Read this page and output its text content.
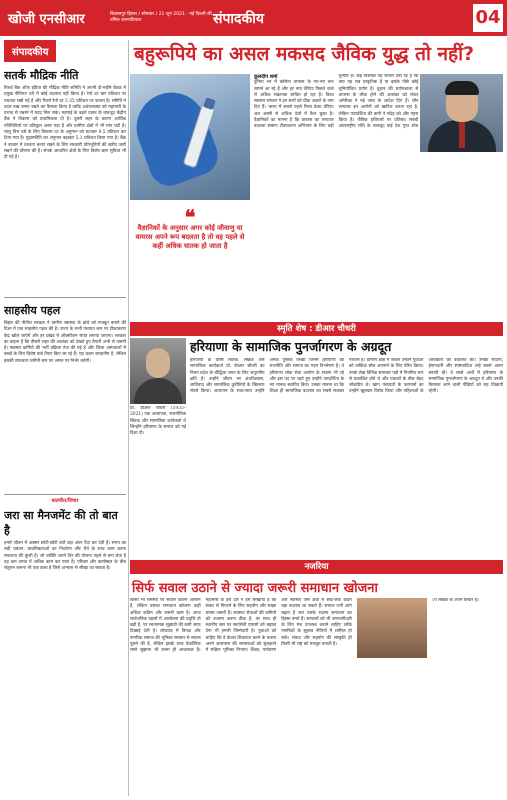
खोजी एनसीआर	बिलासपुर हिसार / सोमवार / 21 जून 2021 · नई दिल्ली की तमिल जननादियाल	संपादकीय	04
संपादकीय
सतर्क मौद्रिक नीति

रिजर्व बैंक ऑफ इंडिया की मौद्रिक नीति समिति ने अपनी दो-महीने बैठक में प्रमुख नीतिगत दरों में कोई बदलाव नहीं किया है। रेपो दर चार प्रतिशत पर यथावत रखी गई है और रिवर्स रेपो दर 3.35 प्रतिशत पर कायम है। समिति ने उदार रुख बनाए रखने का फैसला किया है ताकि अर्थव्यवस्था को महामारी के प्रभाव से उबरने में मदद मिल सके। महंगाई के बढ़ते दबाव के बावजूद केंद्रीय बैंक ने विकास को प्राथमिकता दी है। दूसरी लहर के कारण आर्थिक गतिविधियों पर प्रतिकूल असर पड़ा है और ग्रामीण क्षेत्रों में भी मांग घटी है। चालू वित्त वर्ष के लिए विकास दर के अनुमान को घटाकर 9.5 प्रतिशत कर दिया गया है। मुद्रास्फीति का अनुमान बढ़ाकर 5.1 प्रतिशत किया गया है। बैंक ने बाजार में तरलता बनाए रखने के लिए सरकारी प्रतिभूतियों की खरीद जारी रखने की घोषणा की है। संपर्क आधारित क्षेत्रों के लिए विशेष ऋण सुविधा भी दी गई है।

साहसीय पहल

बिहार की नीतीश सरकार ने ग्रामीण स्वास्थ्य के ढांचे को मजबूत बनाने की दिशा में एक साहसीय पहल की है। राज्य के सभी पंचायत स्तर पर टीकाकरण केंद्र खोले जाएंगे और हर प्रखंड में ऑक्सीजन संयंत्र लगाया जाएगा। सरकार का कहना है कि तीसरी लहर की आशंका को देखते हुए तैयारी अभी से जरूरी है। स्वास्थ्य कर्मियों की भर्ती प्रक्रिया तेज की गई है और जिला अस्पतालों में बच्चों के लिए विशेष वार्ड तैयार किए जा रहे हैं। यह कदम सराहनीय है, लेकिन इसकी सफलता जमीनी स्तर पर अमल पर निर्भर करेगी।

बातचीत/विचार
जरा सा मैनजमेंट की तो बात है

हमारे जीवन में अक्सर छोटी-छोटी बातें बड़ा अंतर पैदा कर देती हैं। समय का सही प्रबंधन, प्राथमिकताओं का निर्धारण और धैर्य के साथ काम करना सफलता की कुंजी है। जो व्यक्ति अपने दिन की योजना पहले से बना लेता है वह कम तनाव में अधिक काम कर पाता है। परिवार और कार्यस्थल के बीच संतुलन बनाना भी एक कला है जिसे अभ्यास से सीखा जा सकता है।

बहुरूपिये का असल मकसद जैविक युद्ध तो नहीं?
❝
वैज्ञानिकों के अनुसार अगर कोई जीवाणु या वायरस अपने रूप बदलता है तो वह पहले से कहीं अधिक घातक हो जाता है
कुलदीप शर्मा
दुनिया भर में कोरोना वायरस के नए-नए रूप सामने आ रहे हैं और हर नया वेरिएंट पिछले वाले से अधिक संक्रामक साबित हो रहा है। विश्व स्वास्थ्य संगठन ने इन रूपों को ग्रीक अक्षरों के नाम दिए हैं। भारत में सबसे पहले मिला डेल्टा वेरिएंट अब अस्सी से अधिक देशों में फैल चुका है। वैज्ञानिकों का मानना है कि वायरस का लगातार बदलता स्वरूप टीकाकरण अभियान के लिए बड़ी चुनौती है। कई विशेषज्ञ यह सवाल उठा रहे हैं कि क्या यह सब प्राकृतिक है या इसके पीछे कोई सुनियोजित प्रयोग है। वुहान की प्रयोगशाला से वायरस के लीक होने की आशंका को लेकर अमेरिका ने नई जांच के आदेश दिए हैं। चीन लगातार इन आरोपों को खारिज करता रहा है, लेकिन पारदर्शिता की कमी ने संदेह को और गहरा किया है। जैविक हथियारों पर प्रतिबंध संबंधी अंतरराष्ट्रीय संधि के बावजूद कई देश गुप्त शोध
स्मृति शेष : डीआर चौधरी
प्रो. डीआर चौधरी (1935–2021) एक अध्यापक, राजनीतिक चिंतक और सामाजिक कार्यकर्ता थे जिन्होंने हरियाणा के समाज को नई दिशा दी।
हरियाणा के सामाजिक पुनर्जागरण के अग्रदूत
हरियाणा के वरिष्ठ चिंतक, लेखक और सामाजिक कार्यकर्ता प्रो. डीआर चौधरी का निधन प्रदेश के बौद्धिक जगत के लिए अपूरणीय क्षति है। उन्होंने जीवन भर अंधविश्वास, जातिवाद और सामाजिक कुरीतियों के खिलाफ संघर्ष किया। अध्यापन के साथ-साथ उन्होंने अनेक पुस्तकें लिखीं जिनमें हरियाणा की राजनीति और समाज का गहन विश्लेषण है। वे हरियाणा लोक सेवा आयोग के सदस्य भी रहे और इस पद पर रहते हुए उन्होंने पारदर्शिता के नए मानक स्थापित किए। उनका मानना था कि शिक्षा ही सामाजिक बदलाव का सबसे सशक्त माध्यम है। ग्रामीण क्षेत्रों में जाकर उन्होंने युवाओं को तार्किक सोच अपनाने के लिए प्रेरित किया। उनके लेख विभिन्न समाचार पत्रों में नियमित रूप से प्रकाशित होते थे और पाठकों के बीच बेहद लोकप्रिय थे। खाप पंचायतों के फरमानों का उन्होंने खुलकर विरोध किया और महिलाओं के अधिकारों की वकालत की। उनकी सादगी, ईमानदारी और स्पष्टवादिता उन्हें सबसे अलग बनाती थी। वे सच्चे अर्थों में हरियाणा के सामाजिक पुनर्जागरण के अग्रदूत थे और उनकी विरासत आने वाली पीढ़ियों को राह दिखाती रहेगी।
नजरिया
सिर्फ सवाल उठाने से ज्यादा जरूरी समाधान खोजना
किसी भी समस्या पर सवाल उठाना आसान है, लेकिन उसका समाधान खोजना कहीं अधिक कठिन और जरूरी काम है। आज सार्वजनिक बहसों में आलोचना की प्रवृत्ति तो बढ़ी है, पर रचनात्मक सुझावों की कमी साफ दिखाई देती है। लोकतंत्र में विपक्ष और नागरिक समाज की भूमिका सरकार से सवाल पूछने की है, लेकिन इसके साथ वैकल्पिक रास्ते सुझाना भी उतना ही आवश्यक है। महामारी के इस दौर ने हमें सिखाया है कि संकट से निपटने के लिए सहयोग और साझा प्रयास जरूरी हैं। स्वास्थ्य सेवाओं की कमियों को उजागर करना ठीक है, पर साथ ही स्थानीय स्तर पर स्वयंसेवी प्रयासों को बढ़ावा देना भी हमारी जिम्मेदारी है। युवाओं को चाहिए कि वे केवल शिकायत करने के बजाय अपने आसपास की समस्याओं को सुलझाने में सक्रिय भूमिका निभाएं। शिक्षा, पर्यावरण और स्वास्थ्य जैसे क्षेत्रों में छोटे-छोटे कदम बड़ा बदलाव ला सकते हैं। समाज तभी आगे बढ़ता है जब उसके सदस्य समाधान का हिस्सा बनते हैं। सरकारों को भी जनभागीदारी के लिए मंच उपलब्ध कराने चाहिए ताकि नागरिकों के सुझाव नीतियों में शामिल हो सकें। संवाद और सहयोग की संस्कृति ही किसी भी राष्ट्र को मजबूत बनाती है।
(ये लेखक के अपने विचार हैं)
